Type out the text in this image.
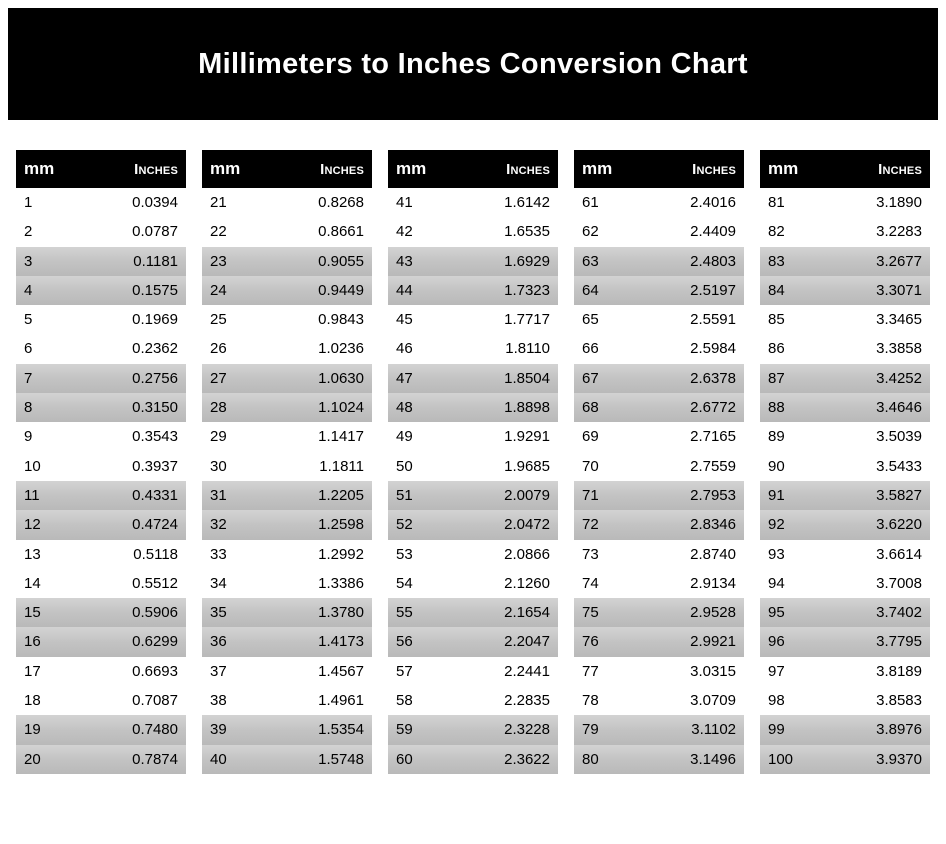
Millimeters to Inches Conversion Chart
mm	Inches
1	0.0394
2	0.0787
3	0.1181
4	0.1575
5	0.1969
6	0.2362
7	0.2756
8	0.3150
9	0.3543
10	0.3937
11	0.4331
12	0.4724
13	0.5118
14	0.5512
15	0.5906
16	0.6299
17	0.6693
18	0.7087
19	0.7480
20	0.7874
mm	Inches
21	0.8268
22	0.8661
23	0.9055
24	0.9449
25	0.9843
26	1.0236
27	1.0630
28	1.1024
29	1.1417
30	1.1811
31	1.2205
32	1.2598
33	1.2992
34	1.3386
35	1.3780
36	1.4173
37	1.4567
38	1.4961
39	1.5354
40	1.5748
mm	Inches
41	1.6142
42	1.6535
43	1.6929
44	1.7323
45	1.7717
46	1.8110
47	1.8504
48	1.8898
49	1.9291
50	1.9685
51	2.0079
52	2.0472
53	2.0866
54	2.1260
55	2.1654
56	2.2047
57	2.2441
58	2.2835
59	2.3228
60	2.3622
mm	Inches
61	2.4016
62	2.4409
63	2.4803
64	2.5197
65	2.5591
66	2.5984
67	2.6378
68	2.6772
69	2.7165
70	2.7559
71	2.7953
72	2.8346
73	2.8740
74	2.9134
75	2.9528
76	2.9921
77	3.0315
78	3.0709
79	3.1102
80	3.1496
mm	Inches
81	3.1890
82	3.2283
83	3.2677
84	3.3071
85	3.3465
86	3.3858
87	3.4252
88	3.4646
89	3.5039
90	3.5433
91	3.5827
92	3.6220
93	3.6614
94	3.7008
95	3.7402
96	3.7795
97	3.8189
98	3.8583
99	3.8976
100	3.9370
